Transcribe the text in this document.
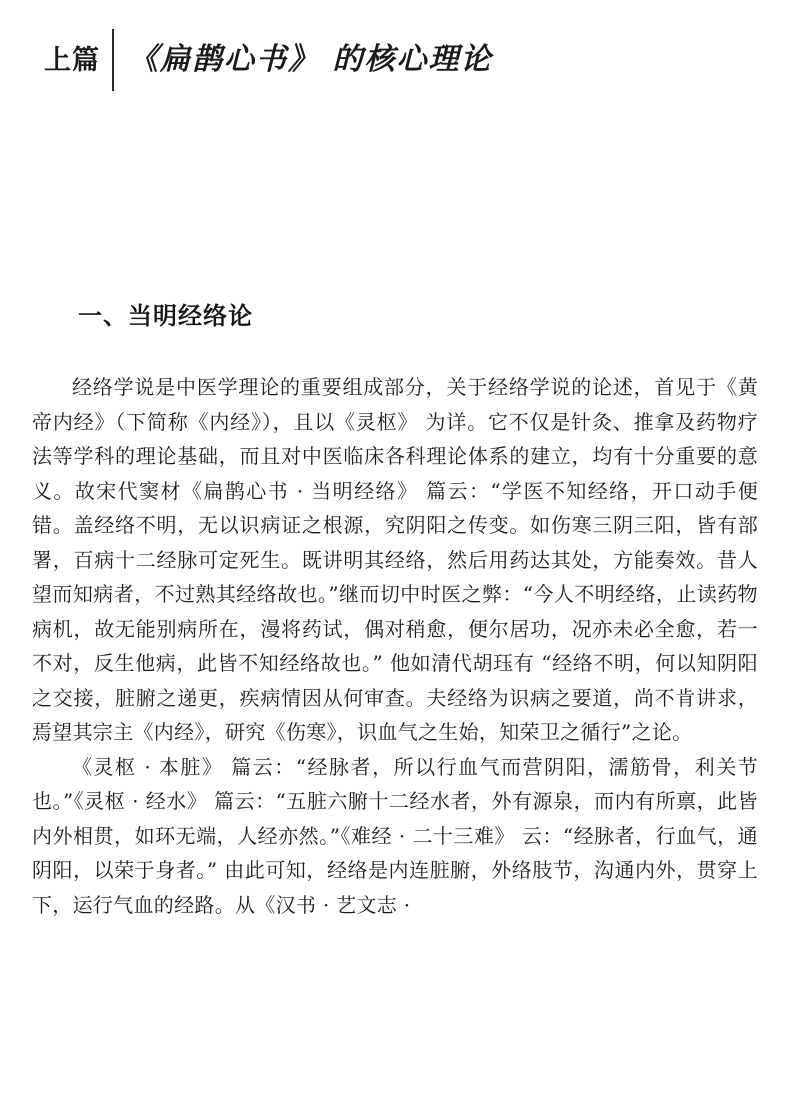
上篇 《扁鹊心书》 的核心理论
一、当明经络论

经络学说是中医学理论的重要组成部分，关于经络学说的论述，首见于《黄帝内经》（下简称《内经》），且以《灵枢》 为详。它不仅是针灸、推拿及药物疗法等学科的理论基础，而且对中医临床各科理论体系的建立，均有十分重要的意义。故宋代窦材《扁鹊心书 · 当明经络》 篇云：“学医不知经络，开口动手便错。盖经络不明，无以识病证之根源，究阴阳之传变。如伤寒三阴三阳，皆有部署，百病十二经脉可定死生。既讲明其经络，然后用药达其处，方能奏效。昔人望而知病者，不过熟其经络故也。”继而切中时医之弊：“今人不明经络，止读药物病机，故无能别病所在，漫将药试，偶对稍愈，便尔居功，况亦未必全愈，若一不对，反生他病，此皆不知经络故也。” 他如清代胡珏有 “经络不明，何以知阴阳之交接，脏腑之递更，疾病情因从何审查。夫经络为识病之要道，尚不肯讲求，焉望其宗主《内经》，研究《伤寒》，识血气之生始，知荣卫之循行”之论。

《灵枢 · 本脏》 篇云：“经脉者，所以行血气而营阴阳，濡筋骨，利关节也。”《灵枢 · 经水》 篇云：“五脏六腑十二经水者，外有源泉，而内有所禀，此皆内外相贯，如环无端，人经亦然。”《难经 · 二十三难》 云：“经脉者，行血气，通阴阳，以荣于身者。” 由此可知，经络是内连脏腑，外络肢节，沟通内外，贯穿上下，运行气血的经路。从《汉书 · 艺文志 ·
